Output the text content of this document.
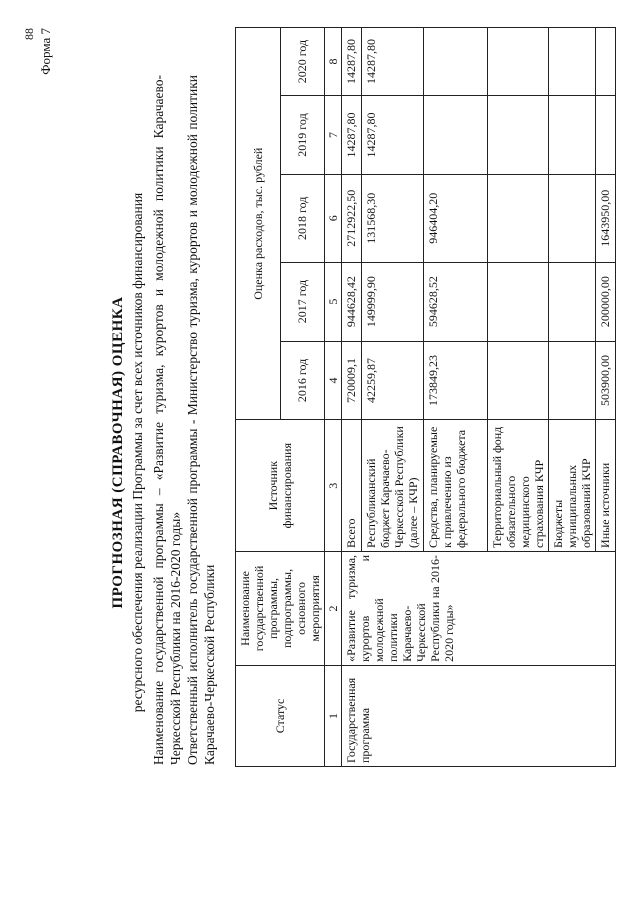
88 Форма 7
ПРОГНОЗНАЯ (СПРАВОЧНАЯ) ОЦЕНКА ресурсного обеспечения реализации Программы за счет всех источников финансирования Наименование государственной программы – «Развитие туризма, курортов и молодежной политики Карачаево-Черкесской Республики на 2016-2020 годы» Ответственный исполнитель государственной программы - Министерство туризма, курортов и молодежной политики Карачаево-Черкесской Республики	Статус	Наименование государственной программы, подпрограммы, основного мероприятия	Источник финансирования	Оценка расходов, тыс. рублей				
			2016 год	2017 год	2018 год	2019 год	2020 год
1	2	3	4	5	6	7	8
Государственная программа	«Развитие туризма, курортов и молодежной политики Карачаево-Черкесской Республики на 2016-2020 годы»	Всего	720009,1	944628,42	2712922,50	14287,80	14287,80
		Республиканский бюджет Карачаево-Черкесской Республики (далее – КЧР)	42259,87	149999,90	131568,30	14287,80	14287,80
		Средства, планируемые к привлечению из федерального бюджета	173849,23	594628,52	946404,20		
		Территориальный фонд обязательного медицинского страхования КЧР					
		Бюджеты муниципальных образований КЧР					
		Иные источники	503900,00	200000,00	1643950,00		
